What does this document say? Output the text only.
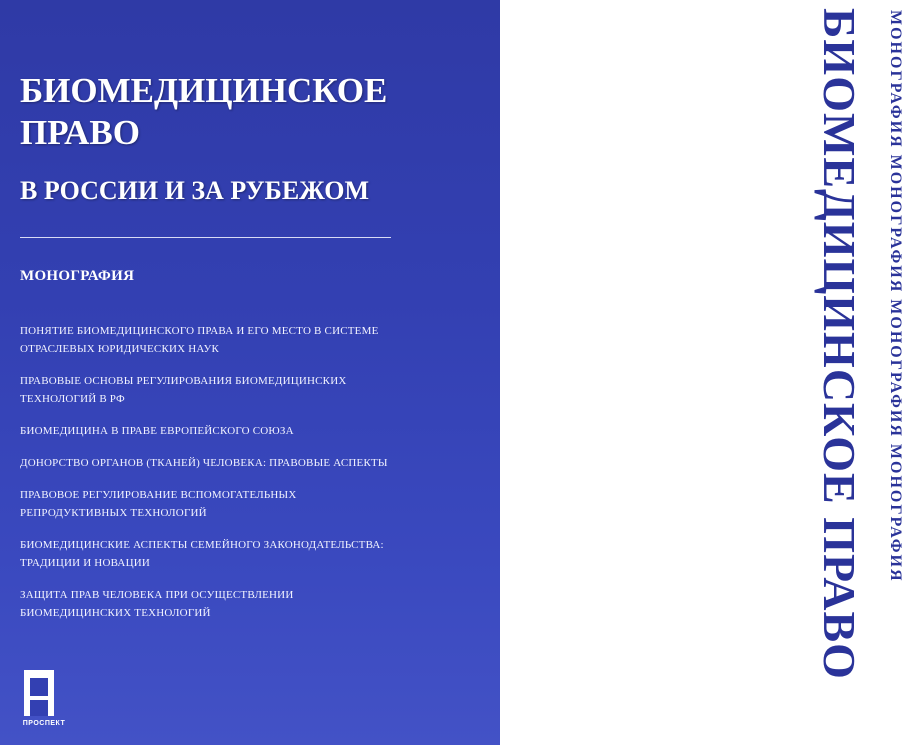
БИОМЕДИЦИНСКОЕ ПРАВО МОНОГРАФИЯ МОНОГРАФИЯ МОНОГРАФИЯ МОНОГРАФИЯ
БИОМЕДИЦИНСКОЕ ПРАВО
В РОССИИ И ЗА РУБЕЖОМ
МОНОГРАФИЯ
ПОНЯТИЕ БИОМЕДИЦИНСКОГО ПРАВА И ЕГО МЕСТО В СИСТЕМЕ ОТРАСЛЕВЫХ ЮРИДИЧЕСКИХ НАУК
ПРАВОВЫЕ ОСНОВЫ РЕГУЛИРОВАНИЯ БИОМЕДИЦИНСКИХ ТЕХНОЛОГИЙ В РФ
БИОМЕДИЦИНА В ПРАВЕ ЕВРОПЕЙСКОГО СОЮЗА
ДОНОРСТВО ОРГАНОВ (ТКАНЕЙ) ЧЕЛОВЕКА: ПРАВОВЫЕ АСПЕКТЫ
ПРАВОВОЕ РЕГУЛИРОВАНИЕ ВСПОМОГАТЕЛЬНЫХ РЕПРОДУКТИВНЫХ ТЕХНОЛОГИЙ
БИОМЕДИЦИНСКИЕ АСПЕКТЫ СЕМЕЙНОГО ЗАКОНОДАТЕЛЬСТВА: ТРАДИЦИИ И НОВАЦИИ
ЗАЩИТА ПРАВ ЧЕЛОВЕКА ПРИ ОСУЩЕСТВЛЕНИИ БИОМЕДИЦИНСКИХ ТЕХНОЛОГИЙ
ПРОСПЕКТ
